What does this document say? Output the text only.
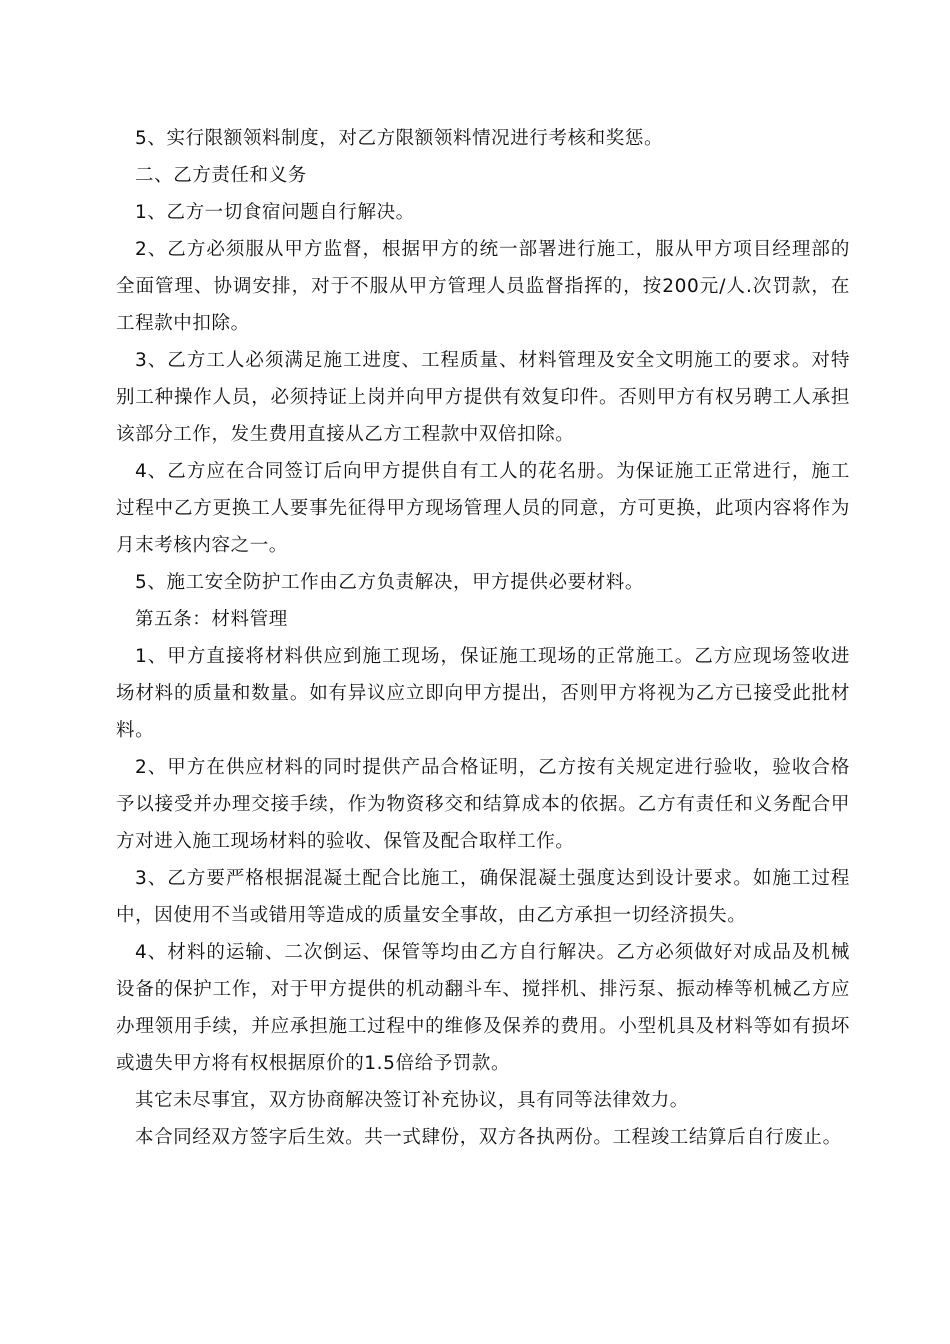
5、实行限额领料制度，对乙方限额领料情况进行考核和奖惩。

二、乙方责任和义务

1、乙方一切食宿问题自行解决。

2、乙方必须服从甲方监督，根据甲方的统一部署进行施工，服从甲方项目经理部的全面管理、协调安排，对于不服从甲方管理人员监督指挥的，按200元/人.次罚款，在工程款中扣除。

3、乙方工人必须满足施工进度、工程质量、材料管理及安全文明施工的要求。对特别工种操作人员，必须持证上岗并向甲方提供有效复印件。否则甲方有权另聘工人承担该部分工作，发生费用直接从乙方工程款中双倍扣除。

4、乙方应在合同签订后向甲方提供自有工人的花名册。为保证施工正常进行，施工过程中乙方更换工人要事先征得甲方现场管理人员的同意，方可更换，此项内容将作为月末考核内容之一。

5、施工安全防护工作由乙方负责解决，甲方提供必要材料。

第五条：材料管理

1、甲方直接将材料供应到施工现场，保证施工现场的正常施工。乙方应现场签收进场材料的质量和数量。如有异议应立即向甲方提出，否则甲方将视为乙方已接受此批材料。

2、甲方在供应材料的同时提供产品合格证明，乙方按有关规定进行验收，验收合格予以接受并办理交接手续，作为物资移交和结算成本的依据。乙方有责任和义务配合甲方对进入施工现场材料的验收、保管及配合取样工作。

3、乙方要严格根据混凝土配合比施工，确保混凝土强度达到设计要求。如施工过程中，因使用不当或错用等造成的质量安全事故，由乙方承担一切经济损失。

4、材料的运输、二次倒运、保管等均由乙方自行解决。乙方必须做好对成品及机械设备的保护工作，对于甲方提供的机动翻斗车、搅拌机、排污泵、振动棒等机械乙方应办理领用手续，并应承担施工过程中的维修及保养的费用。小型机具及材料等如有损坏或遗失甲方将有权根据原价的1.5倍给予罚款。

其它未尽事宜，双方协商解决签订补充协议，具有同等法律效力。

本合同经双方签字后生效。共一式肆份，双方各执两份。工程竣工结算后自行废止。
